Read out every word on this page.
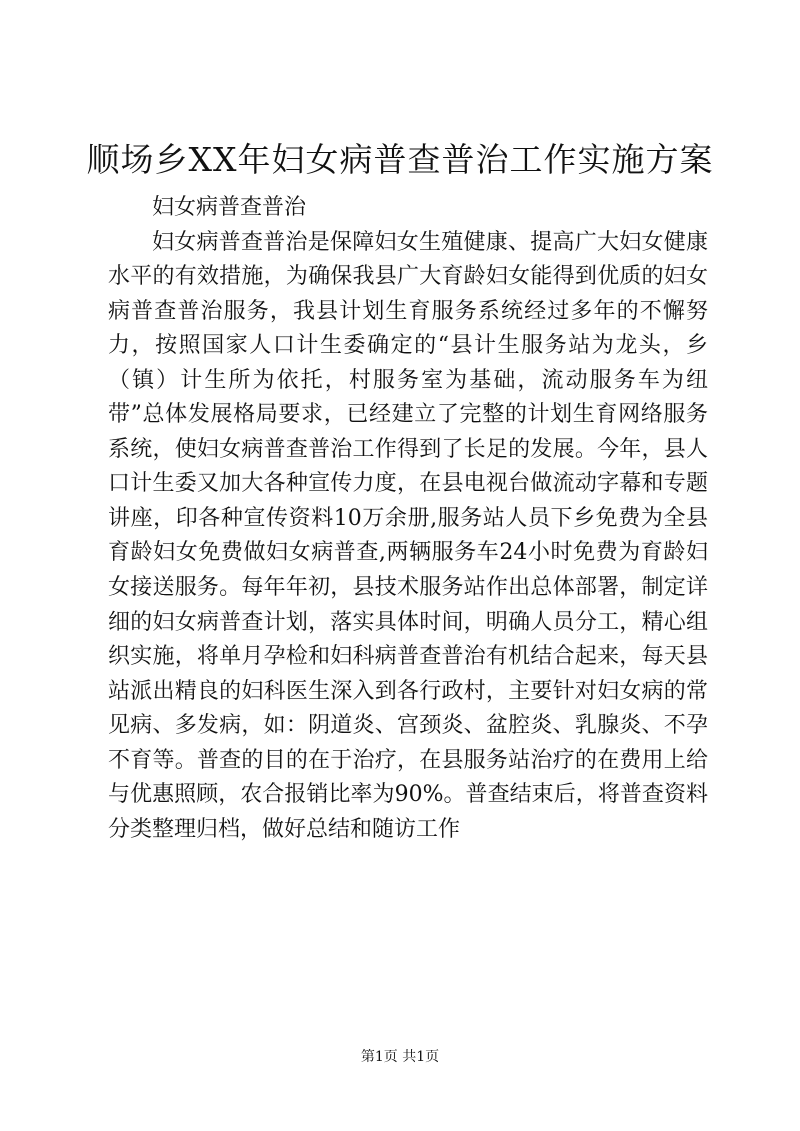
顺场乡XX年妇女病普查普治工作实施方案

妇女病普查普治

妇女病普查普治是保障妇女生殖健康、提高广大妇女健康水平的有效措施，为确保我县广大育龄妇女能得到优质的妇女病普查普治服务，我县计划生育服务系统经过多年的不懈努力，按照国家人口计生委确定的“县计生服务站为龙头，乡（镇）计生所为依托，村服务室为基础，流动服务车为纽带”总体发展格局要求，已经建立了完整的计划生育网络服务系统，使妇女病普查普治工作得到了长足的发展。今年，县人口计生委又加大各种宣传力度，在县电视台做流动字幕和专题讲座，印各种宣传资料10万余册,服务站人员下乡免费为全县育龄妇女免费做妇女病普查,两辆服务车24小时免费为育龄妇女接送服务。每年年初，县技术服务站作出总体部署，制定详细的妇女病普查计划，落实具体时间，明确人员分工，精心组织实施，将单月孕检和妇科病普查普治有机结合起来，每天县站派出精良的妇科医生深入到各行政村，主要针对妇女病的常见病、多发病，如：阴道炎、宫颈炎、盆腔炎、乳腺炎、不孕不育等。普查的目的在于治疗，在县服务站治疗的在费用上给与优惠照顾，农合报销比率为90%。普查结束后，将普查资料分类整理归档，做好总结和随访工作

第1页 共1页
